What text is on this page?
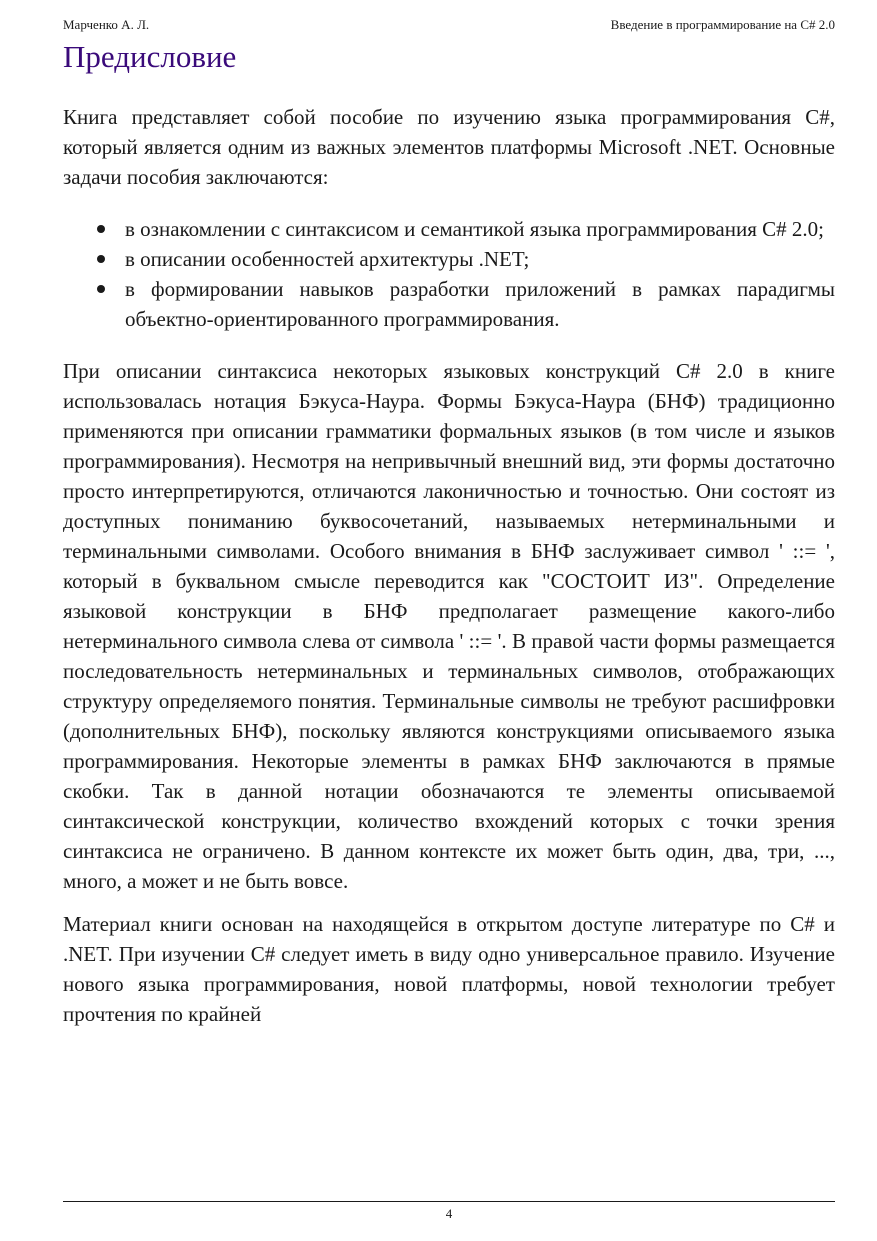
Марченко А. Л.	Введение в программирование на C# 2.0
Предисловие

Книга представляет собой пособие по изучению языка программирования C#, который является одним из важных элементов платформы Microsoft .NET. Основные задачи пособия заключаются:

в ознакомлении с синтаксисом и семантикой языка программирования C# 2.0;
в описании особенностей архитектуры .NET;
в формировании навыков разработки приложений в рамках парадигмы объектно-ориентированного программирования.

При описании синтаксиса некоторых языковых конструкций C# 2.0 в книге использовалась нотация Бэкуса-Наура. Формы Бэкуса-Наура (БНФ) традиционно применяются при описании грамматики формальных языков (в том числе и языков программирования). Несмотря на непривычный внешний вид, эти формы достаточно просто интерпретируются, отличаются лаконичностью и точностью. Они состоят из доступных пониманию буквосочетаний, называемых нетерминальными и терминальными символами. Особого внимания в БНФ заслуживает символ ' ::= ', который в буквальном смысле переводится как "СОСТОИТ ИЗ". Определение языковой конструкции в БНФ предполагает размещение какого-либо нетерминального символа слева от символа ' ::= '. В правой части формы размещается последовательность нетерминальных и терминальных символов, отображающих структуру определяемого понятия. Терминальные символы не требуют расшифровки (дополнительных БНФ), поскольку являются конструкциями описываемого языка программирования. Некоторые элементы в рамках БНФ заключаются в прямые скобки. Так в данной нотации обозначаются те элементы описываемой синтаксической конструкции, количество вхождений которых с точки зрения синтаксиса не ограничено. В данном контексте их может быть один, два, три, ..., много, а может и не быть вовсе.

Материал книги основан на находящейся в открытом доступе литературе по C# и .NET. При изучении C# следует иметь в виду одно универсальное правило. Изучение нового языка программирования, новой платформы, новой технологии требует прочтения по крайней

4
